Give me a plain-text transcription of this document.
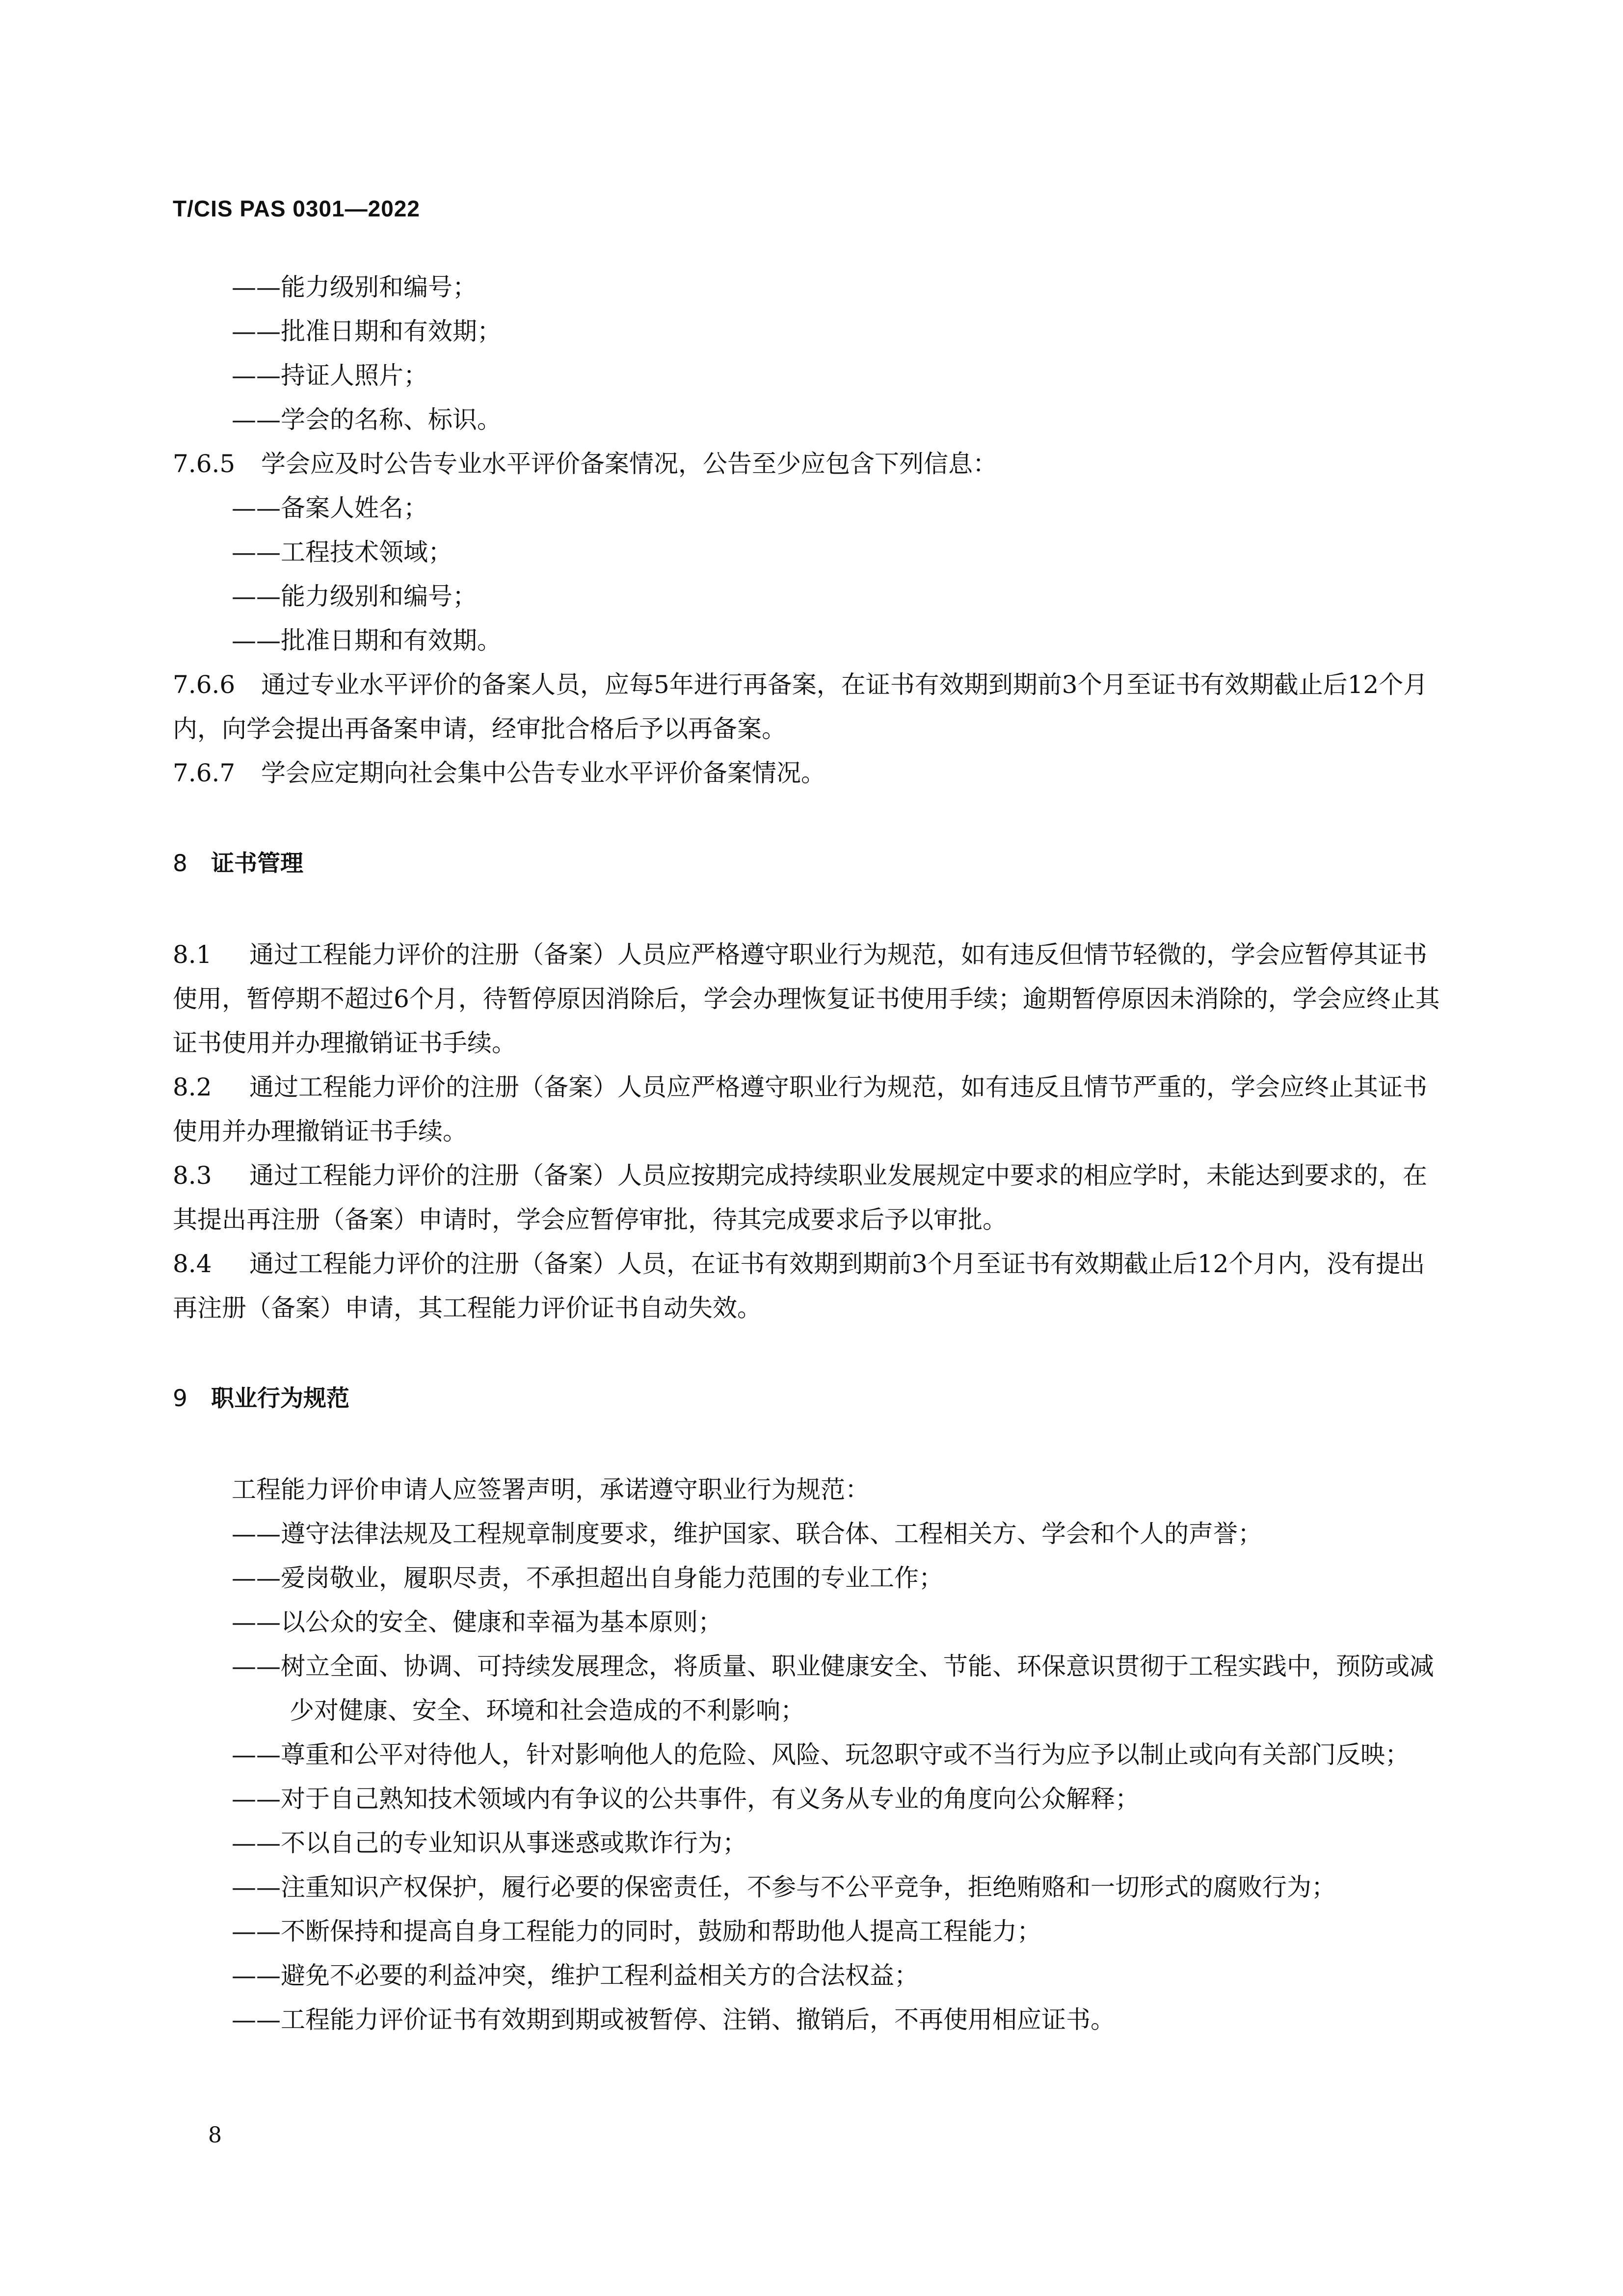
T/CIS PAS 0301—2022
——能力级别和编号；
——批准日期和有效期；
——持证人照片；
——学会的名称、标识。
7.6.5 学会应及时公告专业水平评价备案情况，公告至少应包含下列信息：
——备案人姓名；
——工程技术领域；
——能力级别和编号；
——批准日期和有效期。
7.6.6 通过专业水平评价的备案人员，应每5年进行再备案，在证书有效期到期前3个月至证书有效期截止后12个月内，向学会提出再备案申请，经审批合格后予以再备案。
7.6.7 学会应定期向社会集中公告专业水平评价备案情况。
8 证书管理
8.1 通过工程能力评价的注册（备案）人员应严格遵守职业行为规范，如有违反但情节轻微的，学会应暂停其证书使用，暂停期不超过6个月，待暂停原因消除后，学会办理恢复证书使用手续；逾期暂停原因未消除的，学会应终止其证书使用并办理撤销证书手续。
8.2 通过工程能力评价的注册（备案）人员应严格遵守职业行为规范，如有违反且情节严重的，学会应终止其证书使用并办理撤销证书手续。
8.3 通过工程能力评价的注册（备案）人员应按期完成持续职业发展规定中要求的相应学时，未能达到要求的，在其提出再注册（备案）申请时，学会应暂停审批，待其完成要求后予以审批。
8.4 通过工程能力评价的注册（备案）人员，在证书有效期到期前3个月至证书有效期截止后12个月内，没有提出再注册（备案）申请，其工程能力评价证书自动失效。
9 职业行为规范
工程能力评价申请人应签署声明，承诺遵守职业行为规范：
——遵守法律法规及工程规章制度要求，维护国家、联合体、工程相关方、学会和个人的声誉；
——爱岗敬业，履职尽责，不承担超出自身能力范围的专业工作；
——以公众的安全、健康和幸福为基本原则；
——树立全面、协调、可持续发展理念，将质量、职业健康安全、节能、环保意识贯彻于工程实践中，预防或减少对健康、安全、环境和社会造成的不利影响；
——尊重和公平对待他人，针对影响他人的危险、风险、玩忽职守或不当行为应予以制止或向有关部门反映；
——对于自己熟知技术领域内有争议的公共事件，有义务从专业的角度向公众解释；
——不以自己的专业知识从事迷惑或欺诈行为；
——注重知识产权保护，履行必要的保密责任，不参与不公平竞争，拒绝贿赂和一切形式的腐败行为；
——不断保持和提高自身工程能力的同时，鼓励和帮助他人提高工程能力；
——避免不必要的利益冲突，维护工程利益相关方的合法权益；
——工程能力评价证书有效期到期或被暂停、注销、撤销后，不再使用相应证书。
8
